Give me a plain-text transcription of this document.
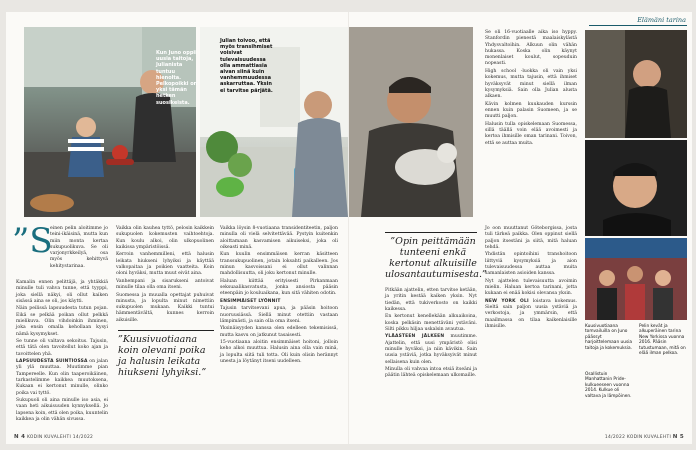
Kun Juno oppii uusia taitoja, Julianista tuntuu hienolta. Pelkopoikki on yksi tämän hetken suosikeista.
Julian toivoo, että myös transihmiset voisivat tulevaisuudessa olla ammattiasia aivan siinä kuin vanhemmuudessa askarruttaa. Yksin ei tarvitse pärjätä.
”S

einen pelin aloitimme jo teini-ikäisinä, mutta kun miin monta kertaa sukupuolikuva. Se oli varjonyrkkeilyä, osa myös kehittyvä kehitystarinaa.

Kamalin ennen pelittäjä, ja yhtäkkiä minulle tuli vahva tunne, että tyyppi, joka siellä näkyi, oli ollut kaiken sisässä aina se oli, jos käytti.

Näin peilissä lapsuudesta tutun pojan. Eikä se pelkää poikan ollut pelkkä mielikuva. Olin vihdoinkin ihminen, joka ensin omalla kehollaan kysyi nämä kysymykset.

Se tunne oli valtava sekoitus. Tajusin, että tätä olen tavoitellut koko ajan ja tavoittelen yhä.

LAPSUUDESTA SUINTIOSSA on jalan yli ylä muuttaa. Muutimme pian Tampereelle. Kun olin taaperoikäinen, tarkastelimme kaikkea muutoksena, Kukaan ei kertonut minulle, olinko poika vai tyttö.

Sukupuoli oli aina minulle iso asia, ei vaan heti aikuisuuden kynnyksellä. Jo lapsena koin, että olen poika, kuuntelin kaikkea ja olin vähän sivussa.

Vaikka olin kauhea tyttö, pelosin kaikkein sukupuolen kokemusten vaihtoehtoja. Kun koulu alkoi, olin ulkopuolinen kaikissa ympäristöissä.

Kerroin vanhemmilleni, että halusin leikata hiukseni lyhyiksi ja käyttää valkopaitaa ja poikien vaatteita. Koin oloni hyväksi, mutta muut eivät aina.

Vanhempani ja sisarukseni antoivat minulle tilaa olla oma itseni.

Suomessa ja muualla opettajat puhuivat minusta, ja lopulta minut nimettiin sukupuolen mukaan. Kaikki tuntui hämmentävältä, kunnes kerroin aikuisille.

”Kuusivuotiaana koin olevani poika ja halusin leikata hiukseni lyhyiksi.”

Vaikka löysin 8-vuotiaana transidentiteetin, paljon minulla oli vielä selvitettävää. Pystyin kuitenkin aloittamaan kasvamisen aikuiseksi, joka oli oikeasti minä.

Kun kuulin ensimmäisen kerran käsitteen transsukupuolinen, jotain loksahti paikalleen. Jos minun kasvoissani ei ollut valinnan mahdollisuutta, oli joku kertonut minulle.

Haluan kiittää erityisesti Pirkanmaan seksuaalikasvatusta, jonka ansiosta pääsin eteenpäin jo kouluaikana, kun sitä vähiten odotin.

ENSIMMÄISET LYÖNNIT

Tajusin tarvitsevani apua, ja pääsin hoitoon nuoruusiässä. Siellä minut otettiin vastaan lämpimästi, ja sain olla oma itseni.

Yksinäisyyden kanssa olen edelleen tekemisissä, mutta kasvu on jatkunut tasaisesti.

15-vuotiaana aloitin ensimmäiset hoitoni, jolloin keho alkoi muuttua. Halusin aina olla vain minä, ja lopulta siitä tuli totta. Oli kuin olisin herännyt unesta ja löytänyt itseni uudelleen.

N 4 KODIN KUVALEHTI 14/2022
Elämäni tarina
”Opin peittämään tunteeni enkä kertonut alkuisille ulosantautumisesta.”

Pitkään ajattelin, etten tarvitse ketään, ja yritin kestää kaiken yksin. Nyt tiedän, että tukiverkosto on kaikki kaikessa.

En kertonut kenellekään alkuaikoina, koska pelkäsin menettäväni ystäväni. Silti pikku hiljaa uskalsin avautua.

YLÄASTEEN JÄLKEEN muutimme. Ajattelin, että uusi ympäristö olisi minulle hyväksi, ja niin kävikin. Sain uusia ystäviä, jotka hyväksyivät minut sellaisena kuin olen.

Minulla oli vahvaa intoa etsiä itseäni ja päätin lähteä opiskelemaan ulkomaille.

Se oli 16-vuotiaalle aika iso hyppy. Stanfordin pienestä maalaiskylästä Yhdysvaltoihin. Alkuun olin vähän hukassa. Koska olin käynyt monenlaiset koulut, sopeuduin nopeasti.

High school -luokka oli vain yksi kokemus, mutta tajusin, että ihmiset hyväksyvät minut siellä ilman kysymyksiä. Sain olla Julian alusta alkaen.

Kävin kolmen kuukauden kurssin ennen kuin palasin Suomeen, ja se muutti paljon.

Halusin tulla opiskelemaan Suomessa, sillä täällä voin elää avoimesti ja kertoa ihmisille oman tarinani. Toivon, että se auttaa muita.

Jo oon muuttanut Göteborgissa, josta tuli tärkeä paikka. Olen oppinut siellä paljon itsestäni ja siitä, mitä haluan tehdä.

Yhdistän opintoihini transhoitoon liittyviä kysymyksiä ja aion tulevaisuudessa auttaa muita samanlaisten asioiden kanssa.

Nyt ajattelen tulevaisuutta avoimin mielin. Haluan kertoa tarinani, jotta kukaan ei enää kokisi olevansa yksin.

NEW YORK OLI loistava kokemus. Sieltä sain paljon uusia ystäviä ja verkostoja, ja ymmärsin, että maailmassa on tilaa kaikenlaisille ihmisille.	Kuusivuotiaana tomvailuilla on Juno päässyt harjoittelemaan uusia taitoja ja kokemuksia.
Pelin kevät ja alkuperäinen tarina New Yorkissa vuonna 2016. Pääsin tutustumaan, mitä on elää ilman pelkoa.
Osallistuin Manhattanin Pride-kulkueeseen vuonna 2014. Kulkue oli valtava ja lämpöinen.
14/2022 KODIN KUVALEHTI N 5
